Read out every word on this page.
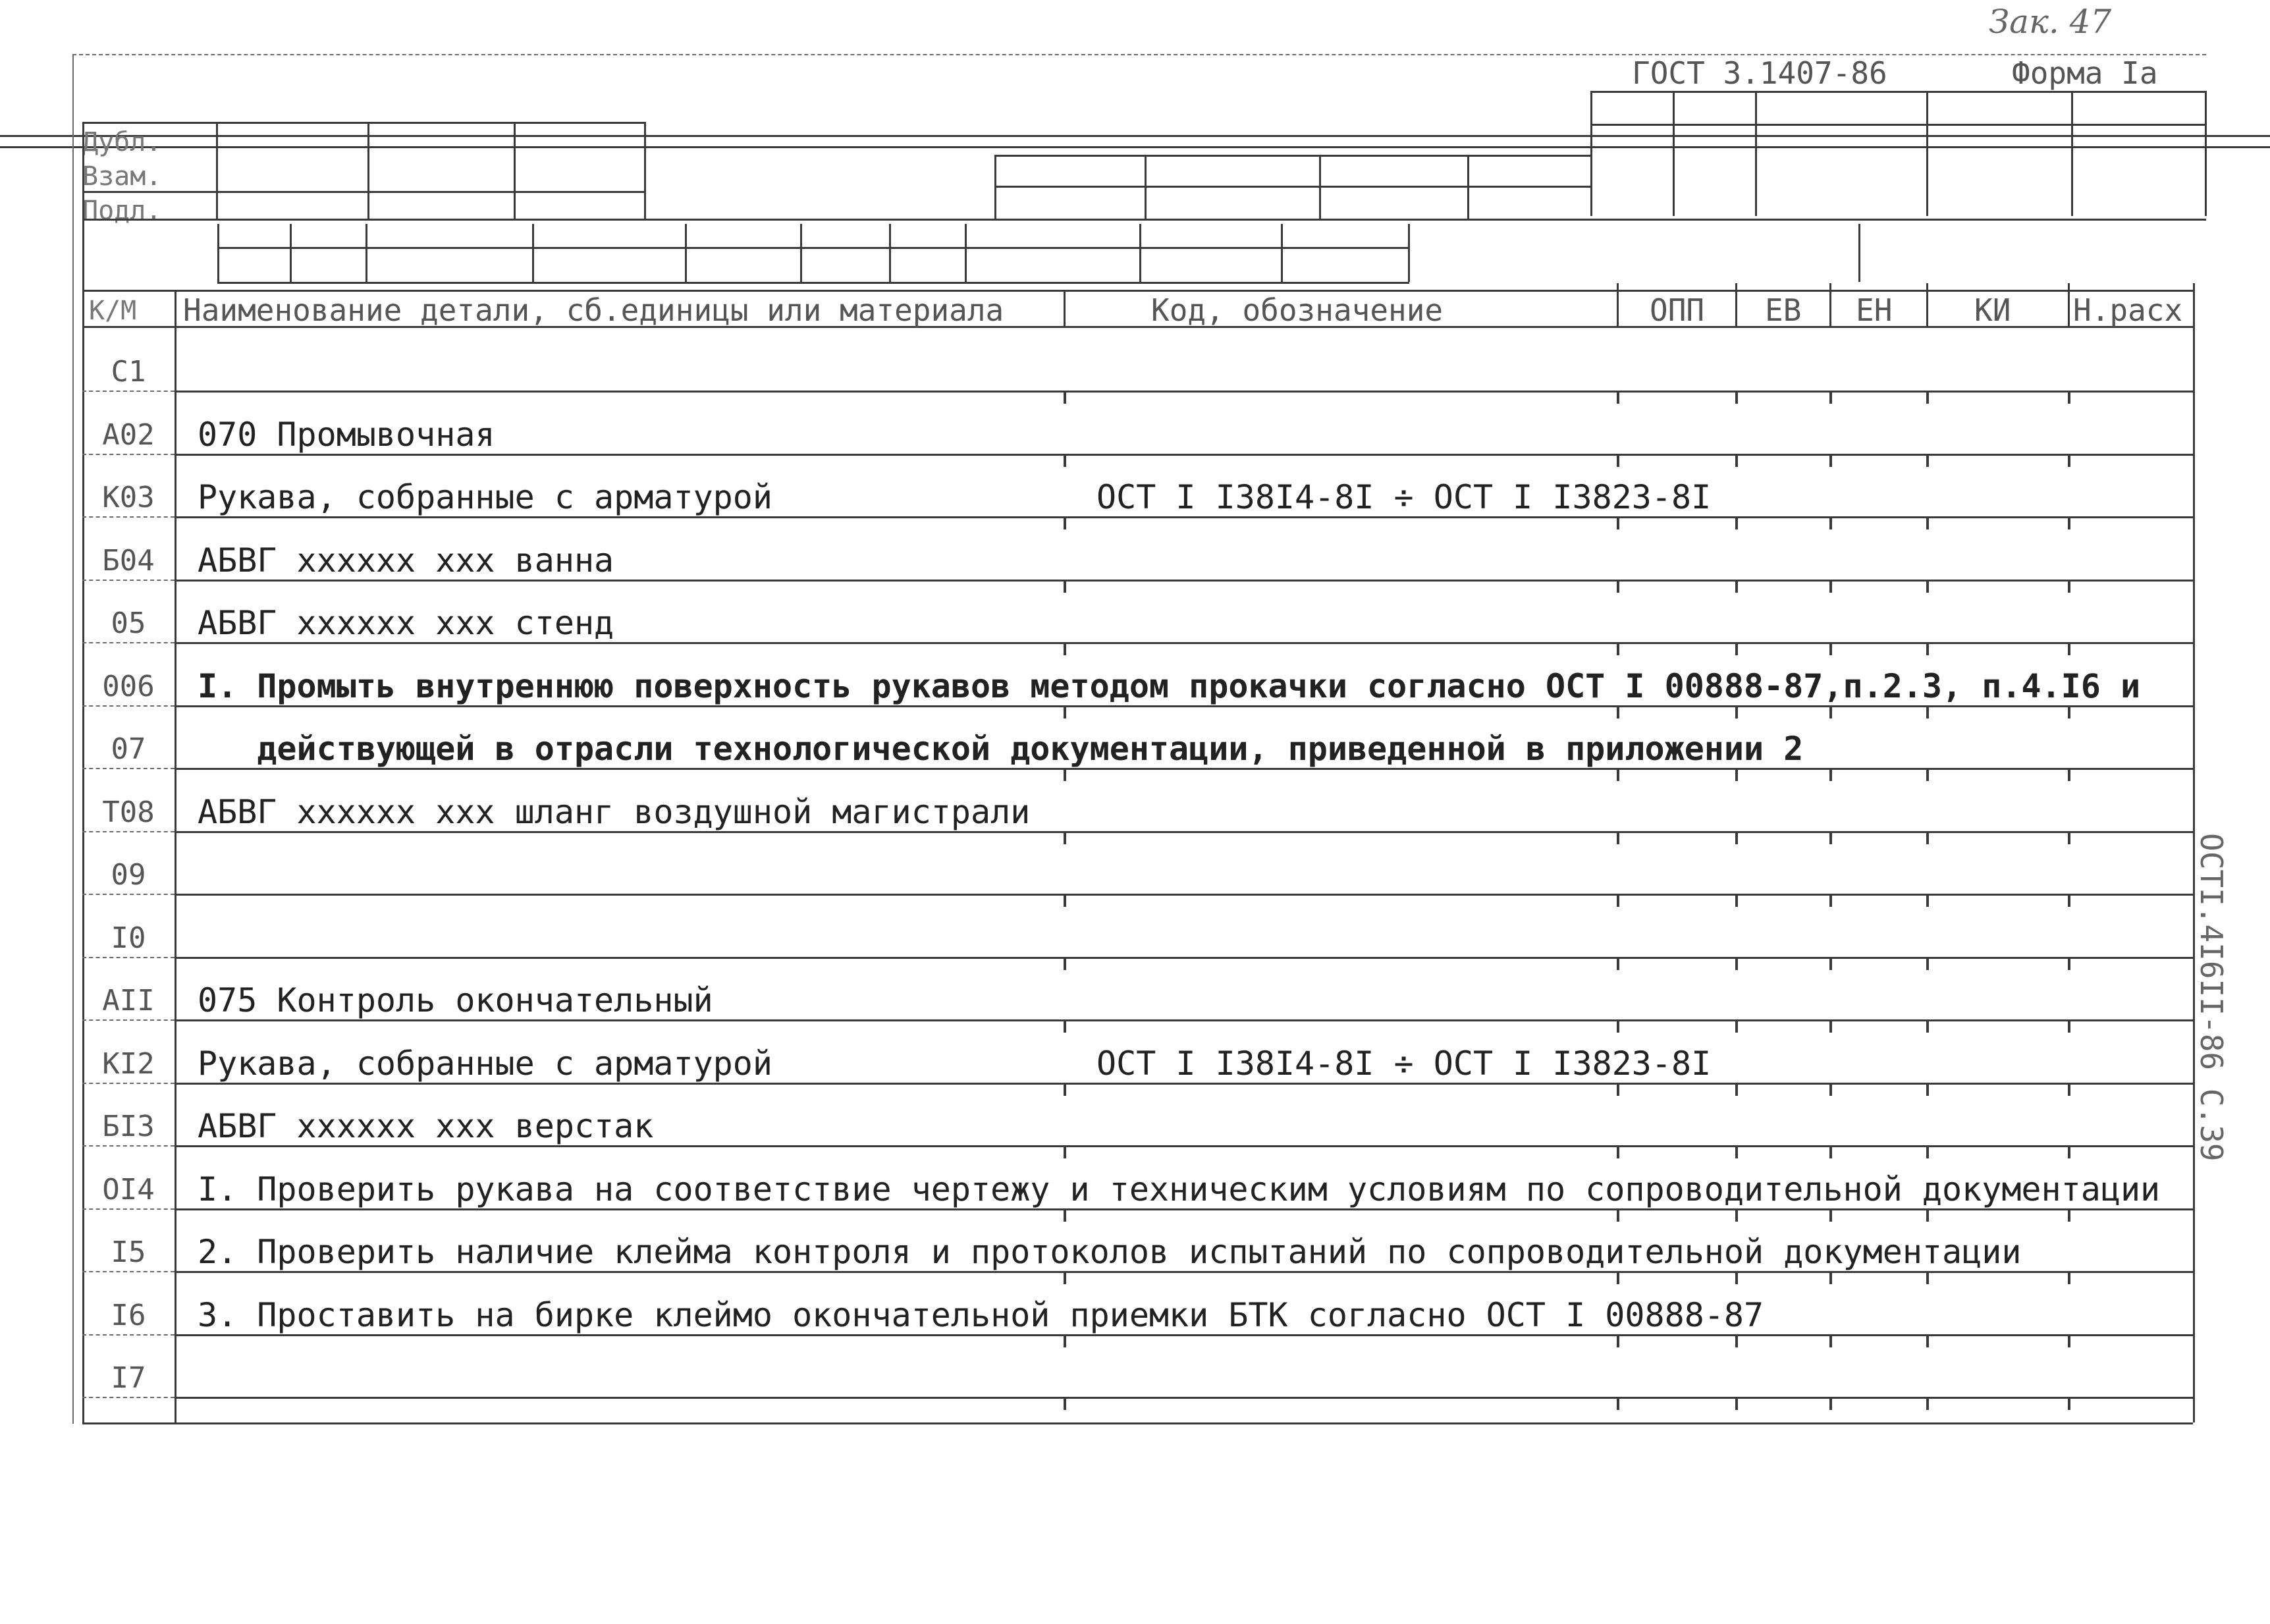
Зак. 47
ГОСТ 3.1407-86	Форма Iа
Дубл.
Взам.
Подл.
К/М Наименование детали, сб.единицы или материала	Код, обозначение	ОПП ЕВ ЕН	КИ Н.расх
С1
А02	070 Промывочная
К03	Рукава, собранные с арматурой	ОСТ I I38I4-8I ÷ ОСТ I I3823-8I
Б04	АБВГ хххххх ххх ванна
05	АБВГ хххххх ххх стенд
006	I. Промыть внутреннюю поверхность рукавов методом прокачки согласно ОСТ I 00888-87,п.2.3, п.4.I6 и
07	действующей в отрасли технологической документации, приведенной в приложении 2
Т08	АБВГ хххххх ххх шланг воздушной магистрали
09
I0
АII	075 Контроль окончательный
КI2	Рукава, собранные с арматурой	ОСТ I I38I4-8I ÷ ОСТ I I3823-8I
БI3	АБВГ хххххх ххх верстак
ОI4	I. Проверить рукава на соответствие чертежу и техническим условиям по сопроводительной документации
I5	2. Проверить наличие клейма контроля и протоколов испытаний по сопроводительной документации
I6	3. Проставить на бирке клеймо окончательной приемки БТК согласно ОСТ I 00888-87
I7
ОСТI.4I6II-86 С.39
